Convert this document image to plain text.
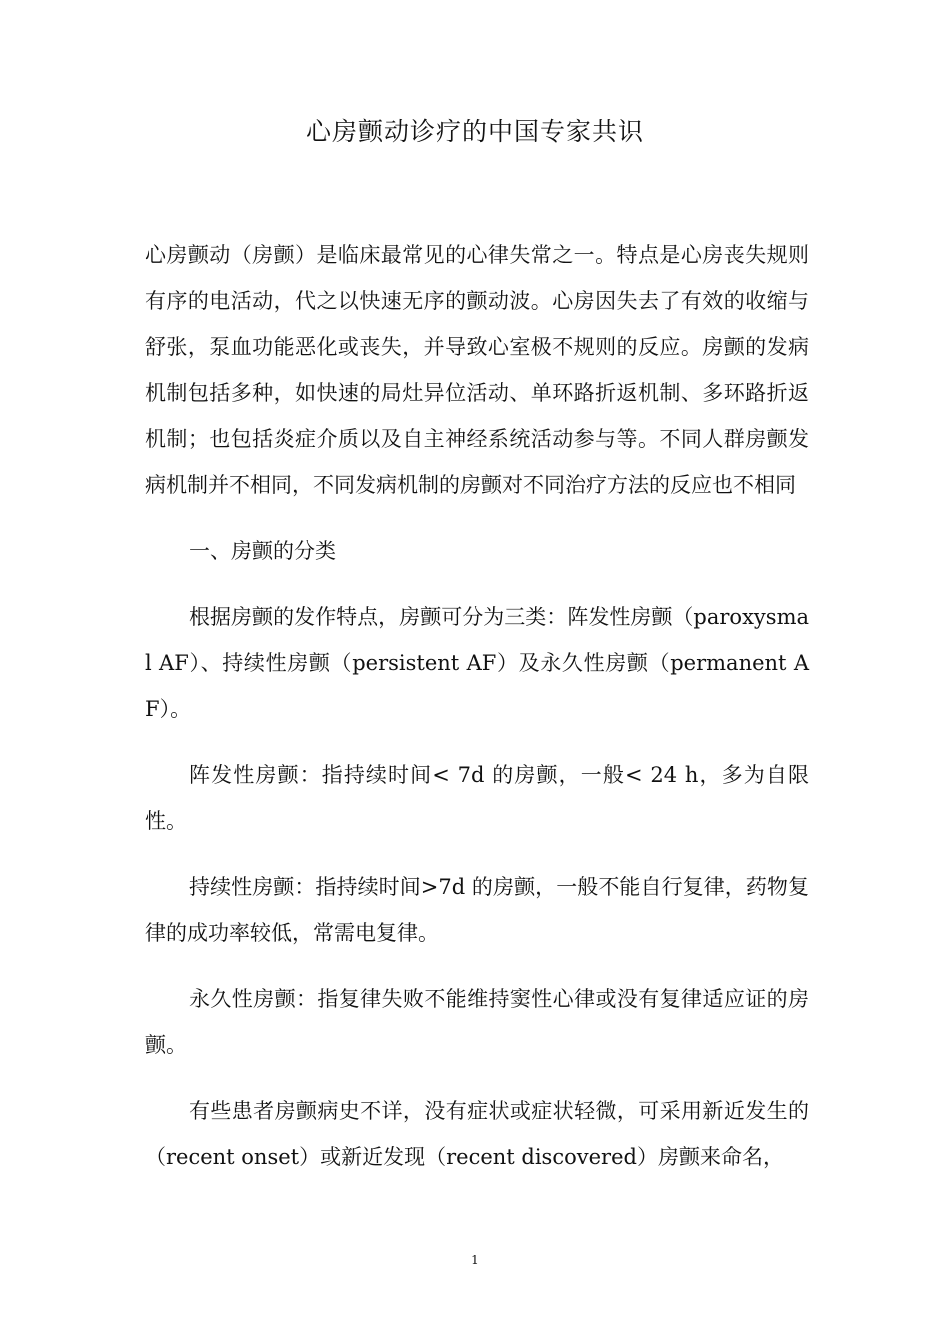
心房颤动诊疗的中国专家共识

心房颤动（房颤）是临床最常见的心律失常之一。特点是心房丧失规则有序的电活动，代之以快速无序的颤动波。心房因失去了有效的收缩与舒张，泵血功能恶化或丧失，并导致心室极不规则的反应。房颤的发病机制包括多种，如快速的局灶异位活动、单环路折返机制、多环路折返机制；也包括炎症介质以及自主神经系统活动参与等。不同人群房颤发病机制并不相同，不同发病机制的房颤对不同治疗方法的反应也不相同

一、房颤的分类

根据房颤的发作特点，房颤可分为三类：阵发性房颤（paroxysmal AF）、持续性房颤（persistent AF）及永久性房颤（permanent AF）。

阵发性房颤：指持续时间< 7d 的房颤，一般< 24 h，多为自限性。

持续性房颤：指持续时间>7d 的房颤，一般不能自行复律，药物复律的成功率较低，常需电复律。

永久性房颤：指复律失败不能维持窦性心律或没有复律适应证的房颤。

有些患者房颤病史不详，没有症状或症状轻微，可采用新近发生的（recent onset）或新近发现（recent discovered）房颤来命名，

1
